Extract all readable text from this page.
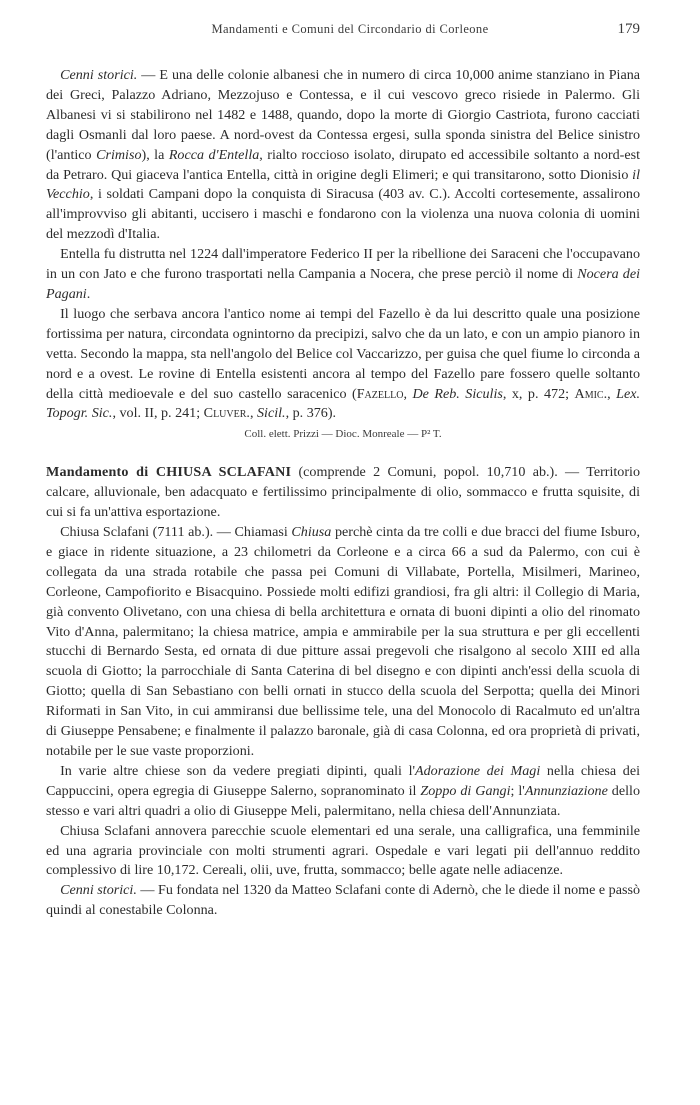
Mandamenti e Comuni del Circondario di Corleone	179

 Cenni storici. — E una delle colonie albanesi che in numero di circa 10,000 anime stanziano in Piana dei Greci, Palazzo Adriano, Mezzojuso e Contessa, e il cui vescovo greco risiede in Palermo. Gli Albanesi vi si stabilirono nel 1482 e 1488, quando, dopo la morte di Giorgio Castriota, furono cacciati dagli Osmanli dal loro paese. A nord-ovest da Contessa ergesi, sulla sponda sinistra del Belice sinistro (l'antico Crimiso), la Rocca d'Entella, rialto roccioso isolato, dirupato ed accessibile soltanto a nord-est da Petraro. Qui giaceva l'antica Entella, città in origine degli Elimeri; e qui transitarono, sotto Dionisio il Vecchio, i soldati Campani dopo la conquista di Siracusa (403 av. C.). Accolti cortesemente, assalirono all'improvviso gli abitanti, uccisero i maschi e fondarono con la violenza una nuova colonia di uomini del mezzodì d'Italia.

 Entella fu distrutta nel 1224 dall'imperatore Federico II per la ribellione dei Saraceni che l'occupavano in un con Jato e che furono trasportati nella Campania a Nocera, che prese perciò il nome di Nocera dei Pagani.

 Il luogo che serbava ancora l'antico nome ai tempi del Fazello è da lui descritto quale una posizione fortissima per natura, circondata ognintorno da precipizi, salvo che da un lato, e con un ampio pianoro in vetta. Secondo la mappa, sta nell'angolo del Belice col Vaccarizzo, per guisa che quel fiume lo circonda a nord e a ovest. Le rovine di Entella esistenti ancora al tempo del Fazello pare fossero quelle soltanto della città medioevale e del suo castello saracenico (Fazello, De Reb. Siculis, x, p. 472; Amic., Lex. Topogr. Sic., vol. II, p. 241; Cluver., Sicil., p. 376).

Coll. elett. Prizzi — Dioc. Monreale — P² T.

Mandamento di CHIUSA SCLAFANI (comprende 2 Comuni, popol. 10,710 ab.). — Territorio calcare, alluvionale, ben adacquato e fertilissimo principalmente di olio, sommacco e frutta squisite, di cui si fa un'attiva esportazione.

 Chiusa Sclafani (7111 ab.). — Chiamasi Chiusa perchè cinta da tre colli e due bracci del fiume Isburo, e giace in ridente situazione, a 23 chilometri da Corleone e a circa 66 a sud da Palermo, con cui è collegata da una strada rotabile che passa pei Comuni di Villabate, Portella, Misilmeri, Marineo, Corleone, Campofiorito e Bisacquino. Possiede molti edifizi grandiosi, fra gli altri: il Collegio di Maria, già convento Olivetano, con una chiesa di bella architettura e ornata di buoni dipinti a olio del rinomato Vito d'Anna, palermitano; la chiesa matrice, ampia e ammirabile per la sua struttura e per gli eccellenti stucchi di Bernardo Sesta, ed ornata di due pitture assai pregevoli che risalgono al secolo XIII ed alla scuola di Giotto; la parrocchiale di Santa Caterina di bel disegno e con dipinti anch'essi della scuola di Giotto; quella di San Sebastiano con belli ornati in stucco della scuola del Serpotta; quella dei Minori Riformati in San Vito, in cui ammiransi due bellissime tele, una del Monocolo di Racalmuto ed un'altra di Giuseppe Pensabene; e finalmente il palazzo baronale, già di casa Colonna, ed ora proprietà di privati, notabile per le sue vaste proporzioni.

 In varie altre chiese son da vedere pregiati dipinti, quali l'Adorazione dei Magi nella chiesa dei Cappuccini, opera egregia di Giuseppe Salerno, sopranominato il Zoppo di Gangi; l'Annunziazione dello stesso e vari altri quadri a olio di Giuseppe Meli, palermitano, nella chiesa dell'Annunziata.

 Chiusa Sclafani annovera parecchie scuole elementari ed una serale, una calligrafica, una femminile ed una agraria provinciale con molti strumenti agrari. Ospedale e vari legati pii dell'annuo reddito complessivo di lire 10,172. Cereali, olii, uve, frutta, sommacco; belle agate nelle adiacenze.

 Cenni storici. — Fu fondata nel 1320 da Matteo Sclafani conte di Adernò, che le diede il nome e passò quindi al conestabile Colonna.
